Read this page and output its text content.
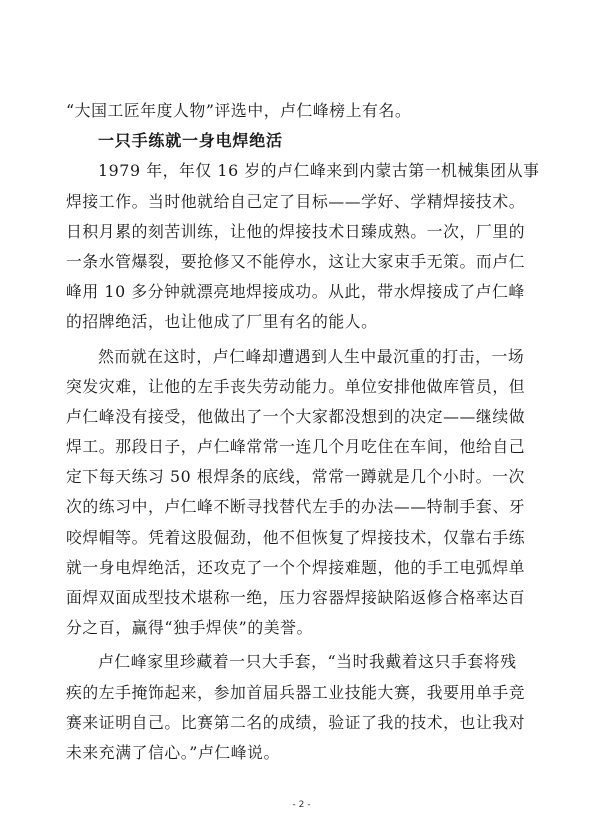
“大国工匠年度人物”评选中，卢仁峰榜上有名。
一只手练就一身电焊绝活
1979 年，年仅 16 岁的卢仁峰来到内蒙古第一机械集团从事
焊接工作。当时他就给自己定了目标——学好、学精焊接技术。
日积月累的刻苦训练，让他的焊接技术日臻成熟。一次，厂里的
一条水管爆裂，要抢修又不能停水，这让大家束手无策。而卢仁
峰用 10 多分钟就漂亮地焊接成功。从此，带水焊接成了卢仁峰
的招牌绝活，也让他成了厂里有名的能人。
然而就在这时，卢仁峰却遭遇到人生中最沉重的打击，一场
突发灾难，让他的左手丧失劳动能力。单位安排他做库管员，但
卢仁峰没有接受，他做出了一个大家都没想到的决定——继续做
焊工。那段日子，卢仁峰常常一连几个月吃住在车间，他给自己
定下每天练习 50 根焊条的底线，常常一蹲就是几个小时。一次
次的练习中，卢仁峰不断寻找替代左手的办法——特制手套、牙
咬焊帽等。凭着这股倔劲，他不但恢复了焊接技术，仅靠右手练
就一身电焊绝活，还攻克了一个个焊接难题，他的手工电弧焊单
面焊双面成型技术堪称一绝，压力容器焊接缺陷返修合格率达百
分之百，赢得“独手焊侠”的美誉。
卢仁峰家里珍藏着一只大手套，“当时我戴着这只手套将残
疾的左手掩饰起来，参加首届兵器工业技能大赛，我要用单手竞
赛来证明自己。比赛第二名的成绩，验证了我的技术，也让我对
未来充满了信心。”卢仁峰说。
- 2 -
